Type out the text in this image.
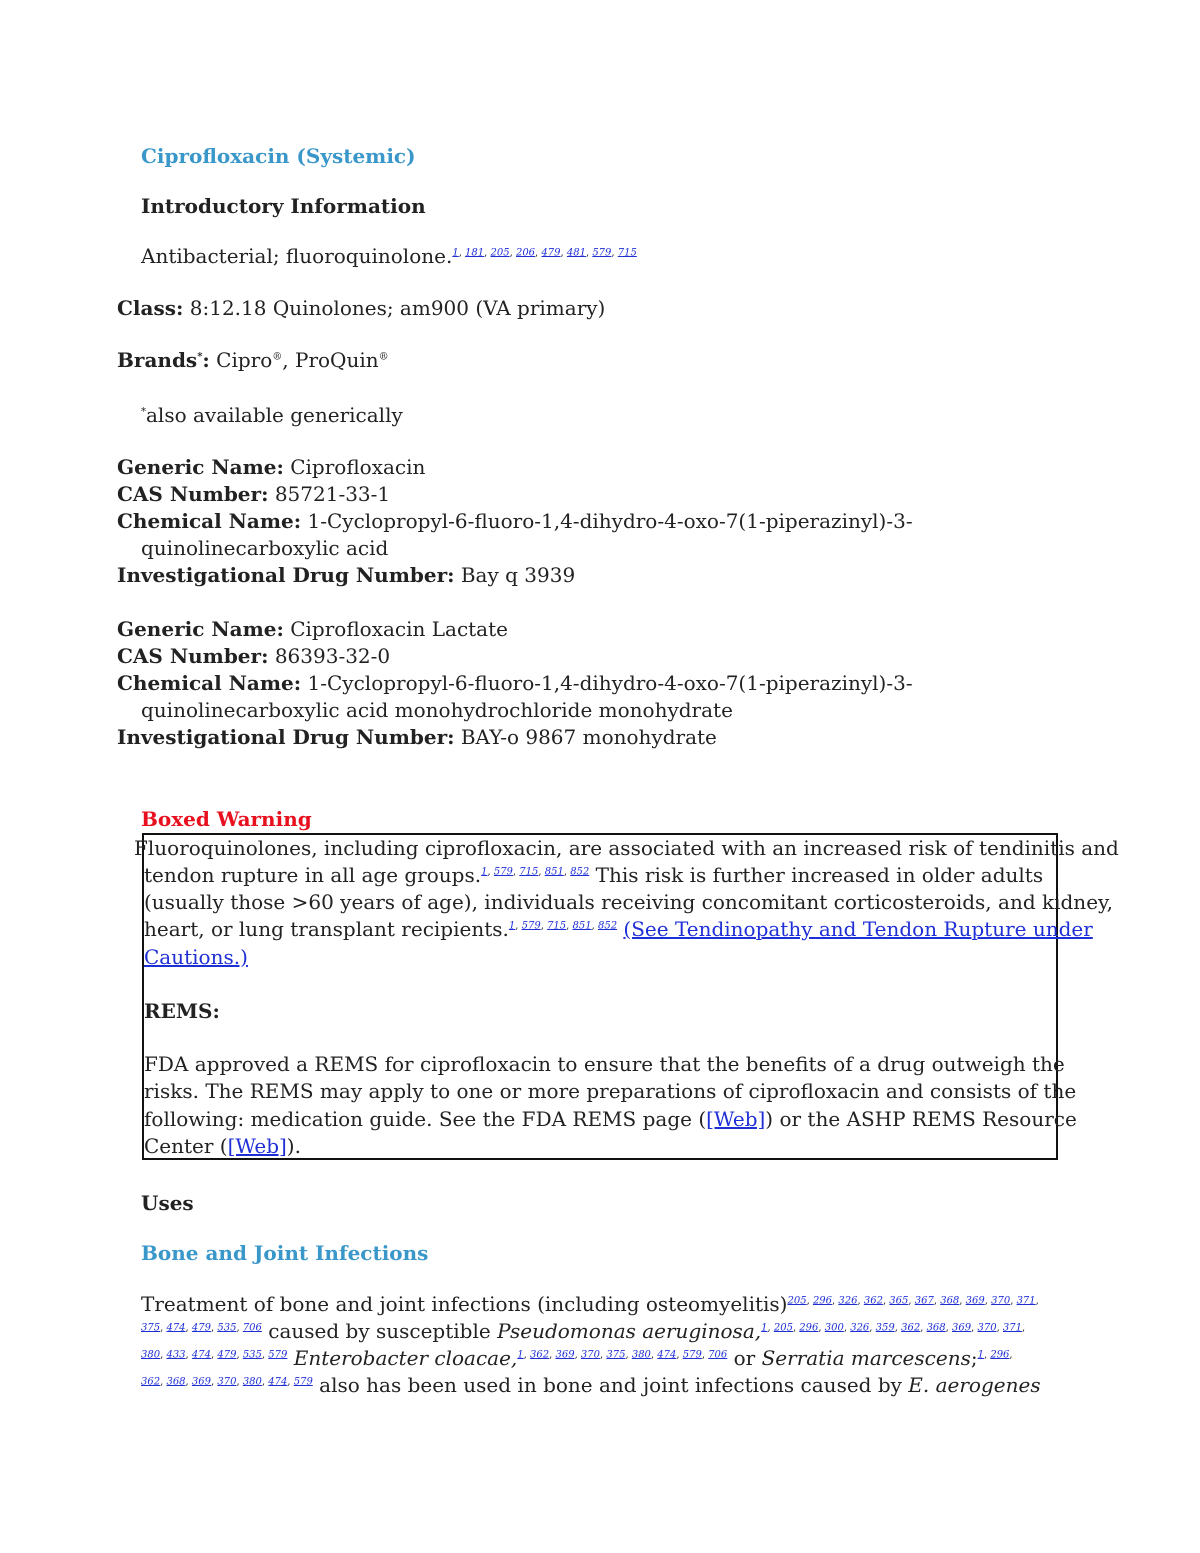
Ciprofloxacin (Systemic)
Introductory Information
Antibacterial; fluoroquinolone.$^{1, 181, 205, 206, 479, 481, 579, 715}$
Class: 8:12.18 Quinolones; am900 (VA primary)
Brands*: Cipro®, ProQuin®
*also available generically
Generic Name: Ciprofloxacin
CAS Number: 85721-33-1
Chemical Name: 1-Cyclopropyl-6-fluoro-1,4-dihydro-4-oxo-7(1-piperazinyl)-3-
quinolinecarboxylic acid
Investigational Drug Number: Bay q 3939
Generic Name: Ciprofloxacin Lactate
CAS Number: 86393-32-0
Chemical Name: 1-Cyclopropyl-6-fluoro-1,4-dihydro-4-oxo-7(1-piperazinyl)-3-
quinolinecarboxylic acid monohydrochloride monohydrate
Investigational Drug Number: BAY-o 9867 monohydrate
Boxed Warning
Fluoroquinolones, including ciprofloxacin, are associated with an increased risk of tendinitis and
tendon rupture in all age groups.$^{1, 579, 715, 851, 852}$ This risk is further increased in older adults
(usually those >60 years of age), individuals receiving concomitant corticosteroids, and kidney,
heart, or lung transplant recipients.$^{1, 579, 715, 851, 852}$ (See Tendinopathy and Tendon Rupture under
Cautions.)
REMS:
FDA approved a REMS for ciprofloxacin to ensure that the benefits of a drug outweigh the
risks. The REMS may apply to one or more preparations of ciprofloxacin and consists of the
following: medication guide. See the FDA REMS page ([Web]) or the ASHP REMS Resource
Center ([Web]).
Uses
Bone and Joint Infections
Treatment of bone and joint infections (including osteomyelitis)$^{205, 296, 326, 362, 365, 367, 368, 369, 370, 371,}$
$^{375, 474, 479, 535, 706}$ caused by susceptible Pseudomonas aeruginosa,$^{1, 205, 296, 300, 326, 359, 362, 368, 369, 370, 371,}$
$^{380, 433, 474, 479, 535, 579}$ Enterobacter cloacae,$^{1, 362, 369, 370, 375, 380, 474, 579, 706}$ or Serratia marcescens;$^{1, 296,}$
$^{362, 368, 369, 370, 380, 474, 579}$ also has been used in bone and joint infections caused by E. aerogenes
